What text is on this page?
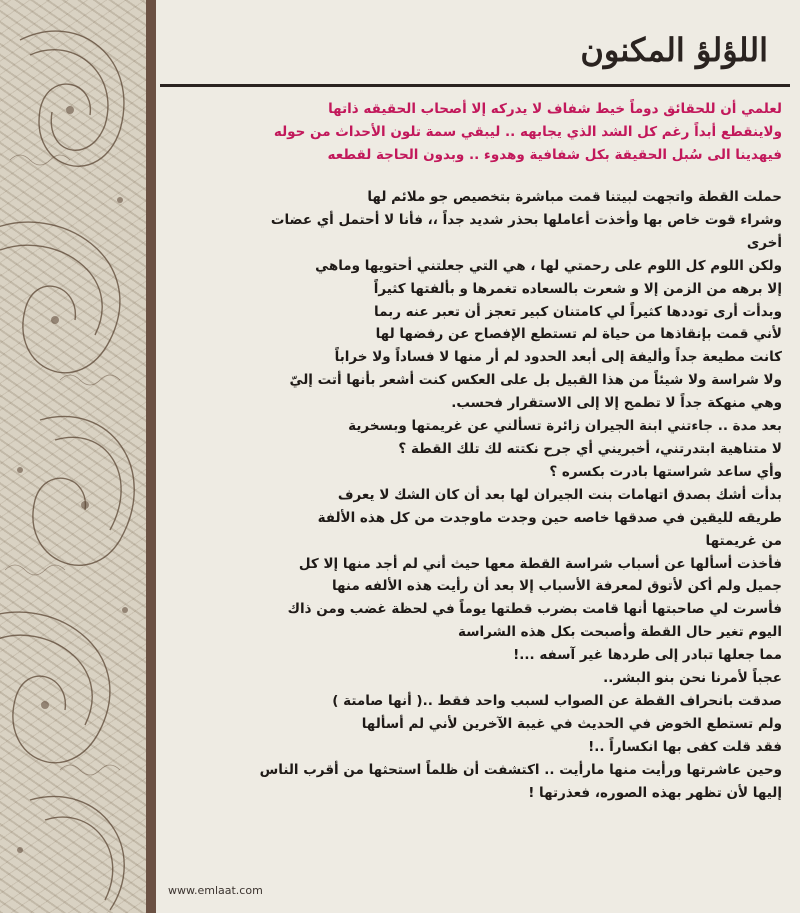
اللؤلؤ المكنون
لعلمي أن للحقائق دوماً خيط شفاف لا يدركه إلا أصحاب الحقيقه ذاتها
ولاينقطع أبداً رغم كل الشد الذي يجابهه .. ليبقي سمة تلون الأحداث من حوله
فيهدينا الى سُبل الحقيقة بكل شفافية وهدوء .. وبدون الحاجة لقطعه
حملت القطة واتجهت لبيتنا قمت مباشرة بتخصيص جو ملائم لها
وشراء قوت خاص بها وأخذت أعاملها بحذر شديد جداً ،، فأنا لا أحتمل أي عضات
أخرى
ولكن اللوم كل اللوم على رحمتي لها ، هي التي جعلتني أحتويها وماهي
إلا برهه من الزمن إلا و شعرت بالسعاده تغمرها و بألفتها كثيراً
وبدأت أرى توددها كثيراً لي كامتنان كبير تعجز أن تعبر عنه ربما
لأني قمت بإنقاذها من حياة لم تستطع الإفصاح عن رفضها لها
كانت مطيعة جداً وأليفة إلى أبعد الحدود لم أر منها لا فساداً ولا خراباً
ولا شراسة ولا شيئاً من هذا القبيل بل على العكس كنت أشعر بأنها أتت إليّ
وهي منهكة جداً لا تطمح إلا إلى الاستقرار فحسب.
بعد مدة .. جاءتني ابنة الجيران زائرة تسألني عن غريمتها وبسخرية
لا متناهية ابتدرتني، أخبريني أي جرح نكتته لك تلك القطة ؟
وأي ساعد شراستها بادرت بكسره ؟
بدأت أشك بصدق اتهامات بنت الجيران لها بعد أن كان الشك لا يعرف
طريقه لليقين في صدقها خاصه حين وجدت ماوجدت من كل هذه الألفة
من غريمتها
فأخذت أسألها عن أسباب شراسة القطة معها حيث أني لم أجد منها إلا كل
جميل ولم أكن لأتوق لمعرفة الأسباب إلا بعد أن رأيت هذه الألفه منها
فأسرت لي صاحبتها أنها قامت بضرب قطتها يوماً في لحظة غضب ومن ذاك
اليوم تغير حال القطة وأصبحت بكل هذه الشراسة
مما جعلها تبادر إلى طردها غير آسفه ...!
عجباً لأمرنا نحن بنو البشر..
صدقت بانحراف القطة عن الصواب لسبب واحد فقط ..( أنها صامتة )
ولم تستطع الخوض في الحديث في غيبة الآخرين لأني لم أسألها
فقد قلت كفى بها انكساراً ..!
وحين عاشرتها ورأيت منها مارأيت .. اكتشفت أن ظلماً استحثها من أقرب الناس
إليها لأن تظهر بهذه الصوره، فعذرتها !
www.emlaat.com
